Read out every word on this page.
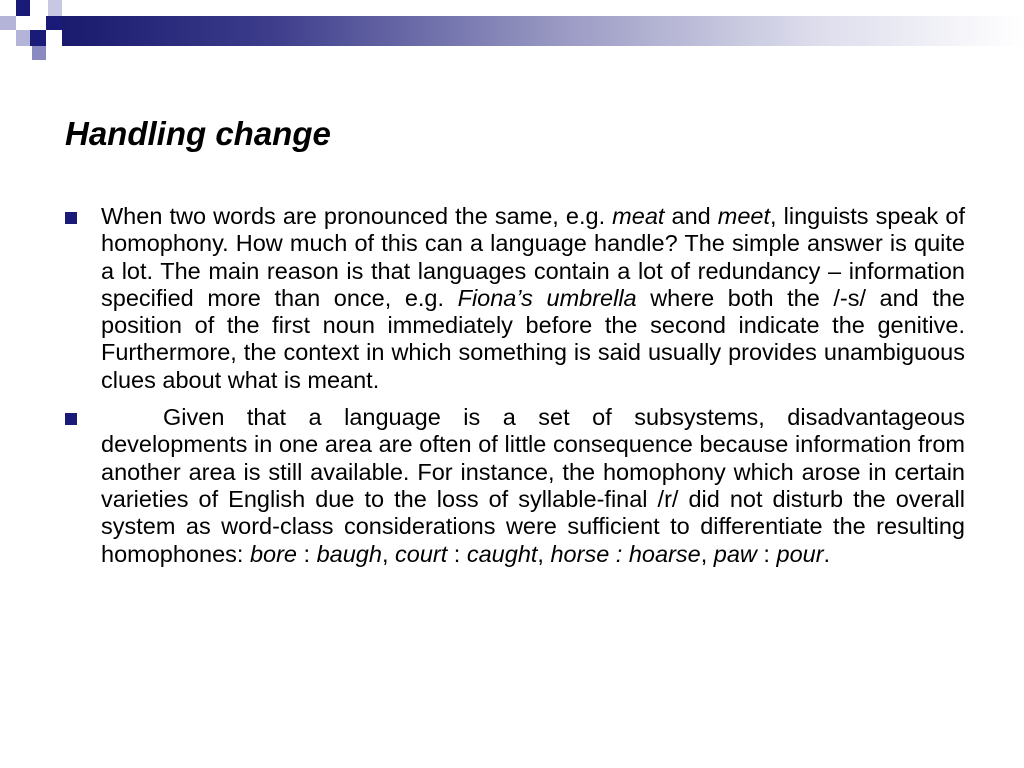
Handling change
When two words are pronounced the same, e.g. meat and meet, linguists speak of homophony. How much of this can a language handle? The simple answer is quite a lot. The main reason is that languages contain a lot of redundancy – information specified more than once, e.g. Fiona’s umbrella where both the /-s/ and the position of the first noun immediately before the second indicate the genitive. Furthermore, the context in which something is said usually provides unambiguous clues about what is meant.
Given that a language is a set of subsystems, disadvantageous developments in one area are often of little consequence because information from another area is still available. For instance, the homophony which arose in certain varieties of English due to the loss of syllable-final /r/ did not disturb the overall system as word-class considerations were sufficient to differentiate the resulting homophones: bore : baugh, court : caught, horse : hoarse, paw : pour.
